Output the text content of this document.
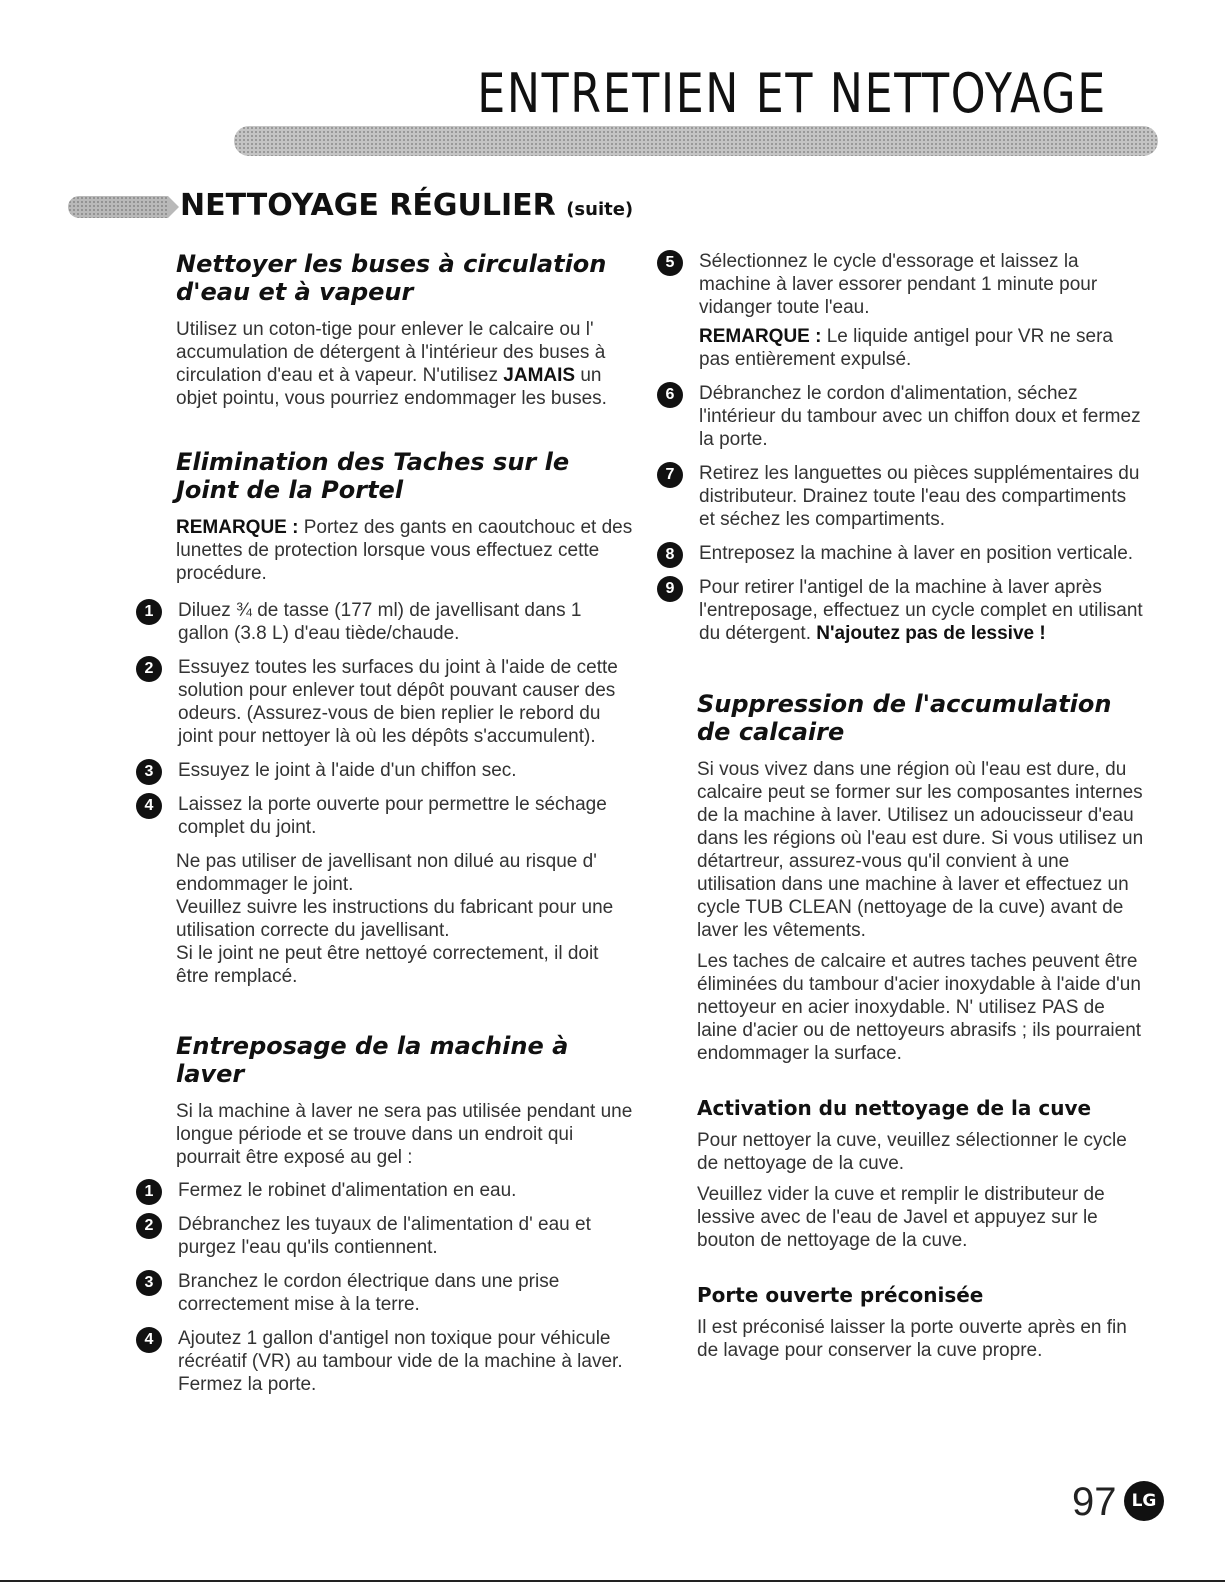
ENTRETIEN ET NETTOYAGE
NETTOYAGE RÉGULIER (suite)
Nettoyer les buses à circulation d'eau et à vapeur

Utilisez un coton-tige pour enlever le calcaire ou l' accumulation de détergent à l'intérieur des buses à circulation d'eau et à vapeur. N'utilisez JAMAIS un objet pointu, vous pourriez endommager les buses.

Elimination des Taches sur le Joint de la Portel

REMARQUE : Portez des gants en caoutchouc et des lunettes de protection lorsque vous effectuez cette procédure.

1	Diluez ¾ de tasse (177 ml) de javellisant dans 1 gallon (3.8 L) d'eau tiède/chaude.
2	Essuyez toutes les surfaces du joint à l'aide de cette solution pour enlever tout dépôt pouvant causer des odeurs. (Assurez-vous de bien replier le rebord du joint pour nettoyer là où les dépôts s'accumulent).
3	Essuyez le joint à l'aide d'un chiffon sec.
4	Laissez la porte ouverte pour permettre le séchage complet du joint.

Ne pas utiliser de javellisant non dilué au risque d' endommager le joint.

Veuillez suivre les instructions du fabricant pour une utilisation correcte du javellisant.

Si le joint ne peut être nettoyé correctement, il doit être remplacé.

Entreposage de la machine à laver

Si la machine à laver ne sera pas utilisée pendant une longue période et se trouve dans un endroit qui pourrait être exposé au gel :

1	Fermez le robinet d'alimentation en eau.
2	Débranchez les tuyaux de l'alimentation d' eau et purgez l'eau qu'ils contiennent.
3	Branchez le cordon électrique dans une prise correctement mise à la terre.
4	Ajoutez 1 gallon d'antigel non toxique pour véhicule récréatif (VR) au tambour vide de la machine à laver. Fermez la porte.
5	Sélectionnez le cycle d'essorage et laissez la machine à laver essorer pendant 1 minute pour vidanger toute l'eau.

REMARQUE : Le liquide antigel pour VR ne sera pas entièrement expulsé.

6	Débranchez le cordon d'alimentation, séchez l'intérieur du tambour avec un chiffon doux et fermez la porte.
7	Retirez les languettes ou pièces supplémentaires du distributeur. Drainez toute l'eau des compartiments et séchez les compartiments.
8	Entreposez la machine à laver en position verticale.
9	Pour retirer l'antigel de la machine à laver après l'entreposage, effectuez un cycle complet en utilisant du détergent. N'ajoutez pas de lessive !
Suppression de l'accumulation de calcaire

Si vous vivez dans une région où l'eau est dure, du calcaire peut se former sur les composantes internes de la machine à laver. Utilisez un adoucisseur d'eau dans les régions où l'eau est dure. Si vous utilisez un détartreur, assurez-vous qu'il convient à une utilisation dans une machine à laver et effectuez un cycle TUB CLEAN (nettoyage de la cuve) avant de laver les vêtements.

Les taches de calcaire et autres taches peuvent être éliminées du tambour d'acier inoxydable à l'aide d'un nettoyeur en acier inoxydable. N' utilisez PAS de laine d'acier ou de nettoyeurs abrasifs ; ils pourraient endommager la surface.

Activation du nettoyage de la cuve

Pour nettoyer la cuve, veuillez sélectionner le cycle de nettoyage de la cuve.

Veuillez vider la cuve et remplir le distributeur de lessive avec de l'eau de Javel et appuyez sur le bouton de nettoyage de la cuve.

Porte ouverte préconisée

Il est préconisé laisser la porte ouverte après en fin de lavage pour conserver la cuve propre.

97 LG
